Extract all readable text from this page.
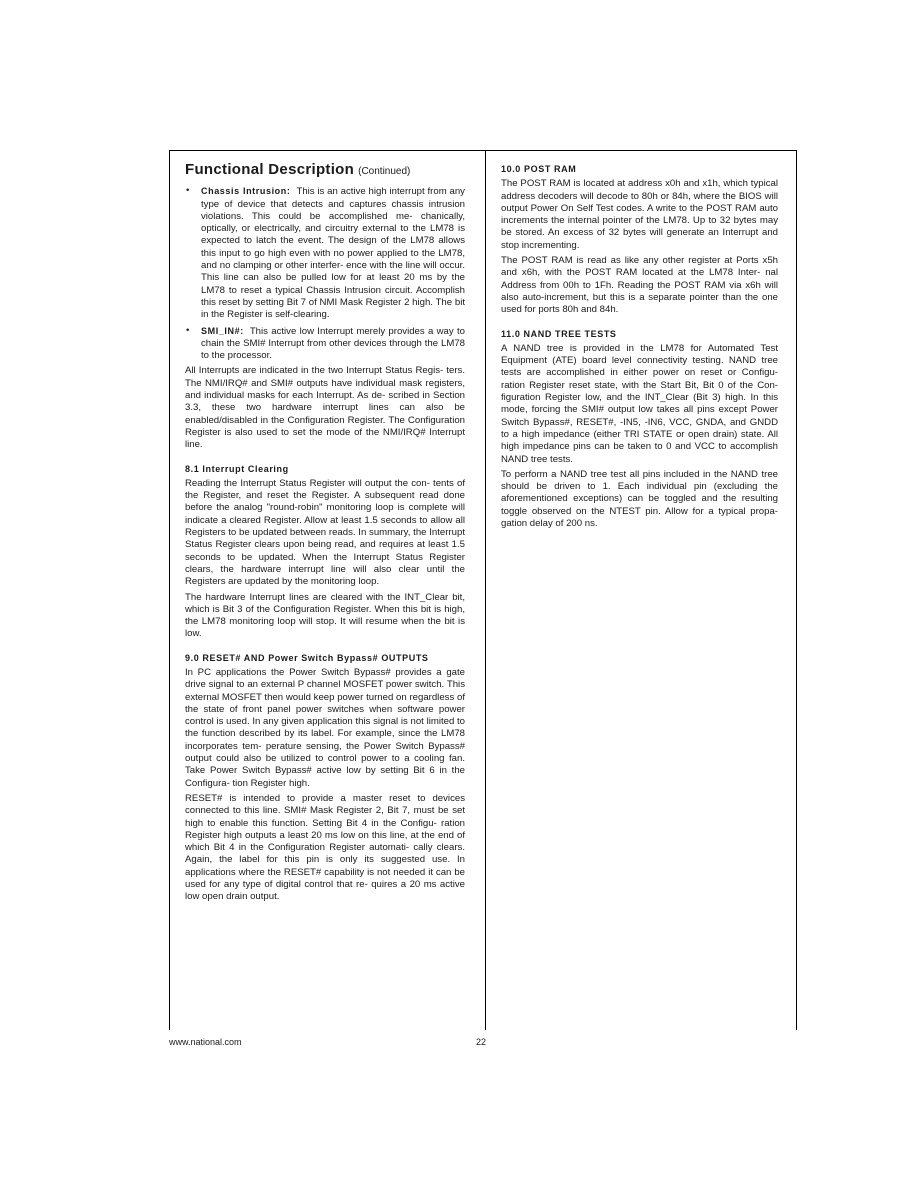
Functional Description (Continued)
• Chassis Intrusion: This is an active high interrupt from any type of device that detects and captures chassis intrusion violations. This could be accomplished me- chanically, optically, or electrically, and circuitry external to the LM78 is expected to latch the event. The design of the LM78 allows this input to go high even with no power applied to the LM78, and no clamping or other interfer- ence with the line will occur. This line can also be pulled low for at least 20 ms by the LM78 to reset a typical Chassis Intrusion circuit. Accomplish this reset by setting Bit 7 of NMI Mask Register 2 high. The bit in the Register is self-clearing.
• SMI_IN#: This active low Interrupt merely provides a way to chain the SMI# Interrupt from other devices through the LM78 to the processor.

All Interrupts are indicated in the two Interrupt Status Regis- ters. The NMI/IRQ# and SMI# outputs have individual mask registers, and individual masks for each Interrupt. As de- scribed in Section 3.3, these two hardware interrupt lines can also be enabled/disabled in the Configuration Register. The Configuration Register is also used to set the mode of the NMI/IRQ# Interrupt line.

8.1 Interrupt Clearing

Reading the Interrupt Status Register will output the con- tents of the Register, and reset the Register. A subsequent read done before the analog "round-robin" monitoring loop is complete will indicate a cleared Register. Allow at least 1.5 seconds to allow all Registers to be updated between reads. In summary, the Interrupt Status Register clears upon being read, and requires at least 1.5 seconds to be updated. When the Interrupt Status Register clears, the hardware interrupt line will also clear until the Registers are updated by the monitoring loop.

The hardware Interrupt lines are cleared with the INT_Clear bit, which is Bit 3 of the Configuration Register. When this bit is high, the LM78 monitoring loop will stop. It will resume when the bit is low.

9.0 RESET# AND Power Switch Bypass# OUTPUTS

In PC applications the Power Switch Bypass# provides a gate drive signal to an external P channel MOSFET power switch. This external MOSFET then would keep power turned on regardless of the state of front panel power switches when software power control is used. In any given application this signal is not limited to the function described by its label. For example, since the LM78 incorporates tem- perature sensing, the Power Switch Bypass# output could also be utilized to control power to a cooling fan. Take Power Switch Bypass# active low by setting Bit 6 in the Configura- tion Register high.

RESET# is intended to provide a master reset to devices connected to this line. SMI# Mask Register 2, Bit 7, must be set high to enable this function. Setting Bit 4 in the Configu- ration Register high outputs a least 20 ms low on this line, at the end of which Bit 4 in the Configuration Register automati- cally clears. Again, the label for this pin is only its suggested use. In applications where the RESET# capability is not needed it can be used for any type of digital control that re- quires a 20 ms active low open drain output.

10.0 POST RAM

The POST RAM is located at address x0h and x1h, which typical address decoders will decode to 80h or 84h, where the BIOS will output Power On Self Test codes. A write to the POST RAM auto increments the internal pointer of the LM78. Up to 32 bytes may be stored. An excess of 32 bytes will generate an Interrupt and stop incrementing.

The POST RAM is read as like any other register at Ports x5h and x6h, with the POST RAM located at the LM78 Inter- nal Address from 00h to 1Fh. Reading the POST RAM via x6h will also auto-increment, but this is a separate pointer than the one used for ports 80h and 84h.

11.0 NAND TREE TESTS

A NAND tree is provided in the LM78 for Automated Test Equipment (ATE) board level connectivity testing. NAND tree tests are accomplished in either power on reset or Configu- ration Register reset state, with the Start Bit, Bit 0 of the Con- figuration Register low, and the INT_Clear (Bit 3) high. In this mode, forcing the SMI# output low takes all pins except Power Switch Bypass#, RESET#, -IN5, -IN6, VCC, GNDA, and GNDD to a high impedance (either TRI STATE or open drain) state. All high impedance pins can be taken to 0 and VCC to accomplish NAND tree tests.

To perform a NAND tree test all pins included in the NAND tree should be driven to 1. Each individual pin (excluding the aforementioned exceptions) can be toggled and the resulting toggle observed on the NTEST pin. Allow for a typical propa- gation delay of 200 ns.

www.national.com	22
